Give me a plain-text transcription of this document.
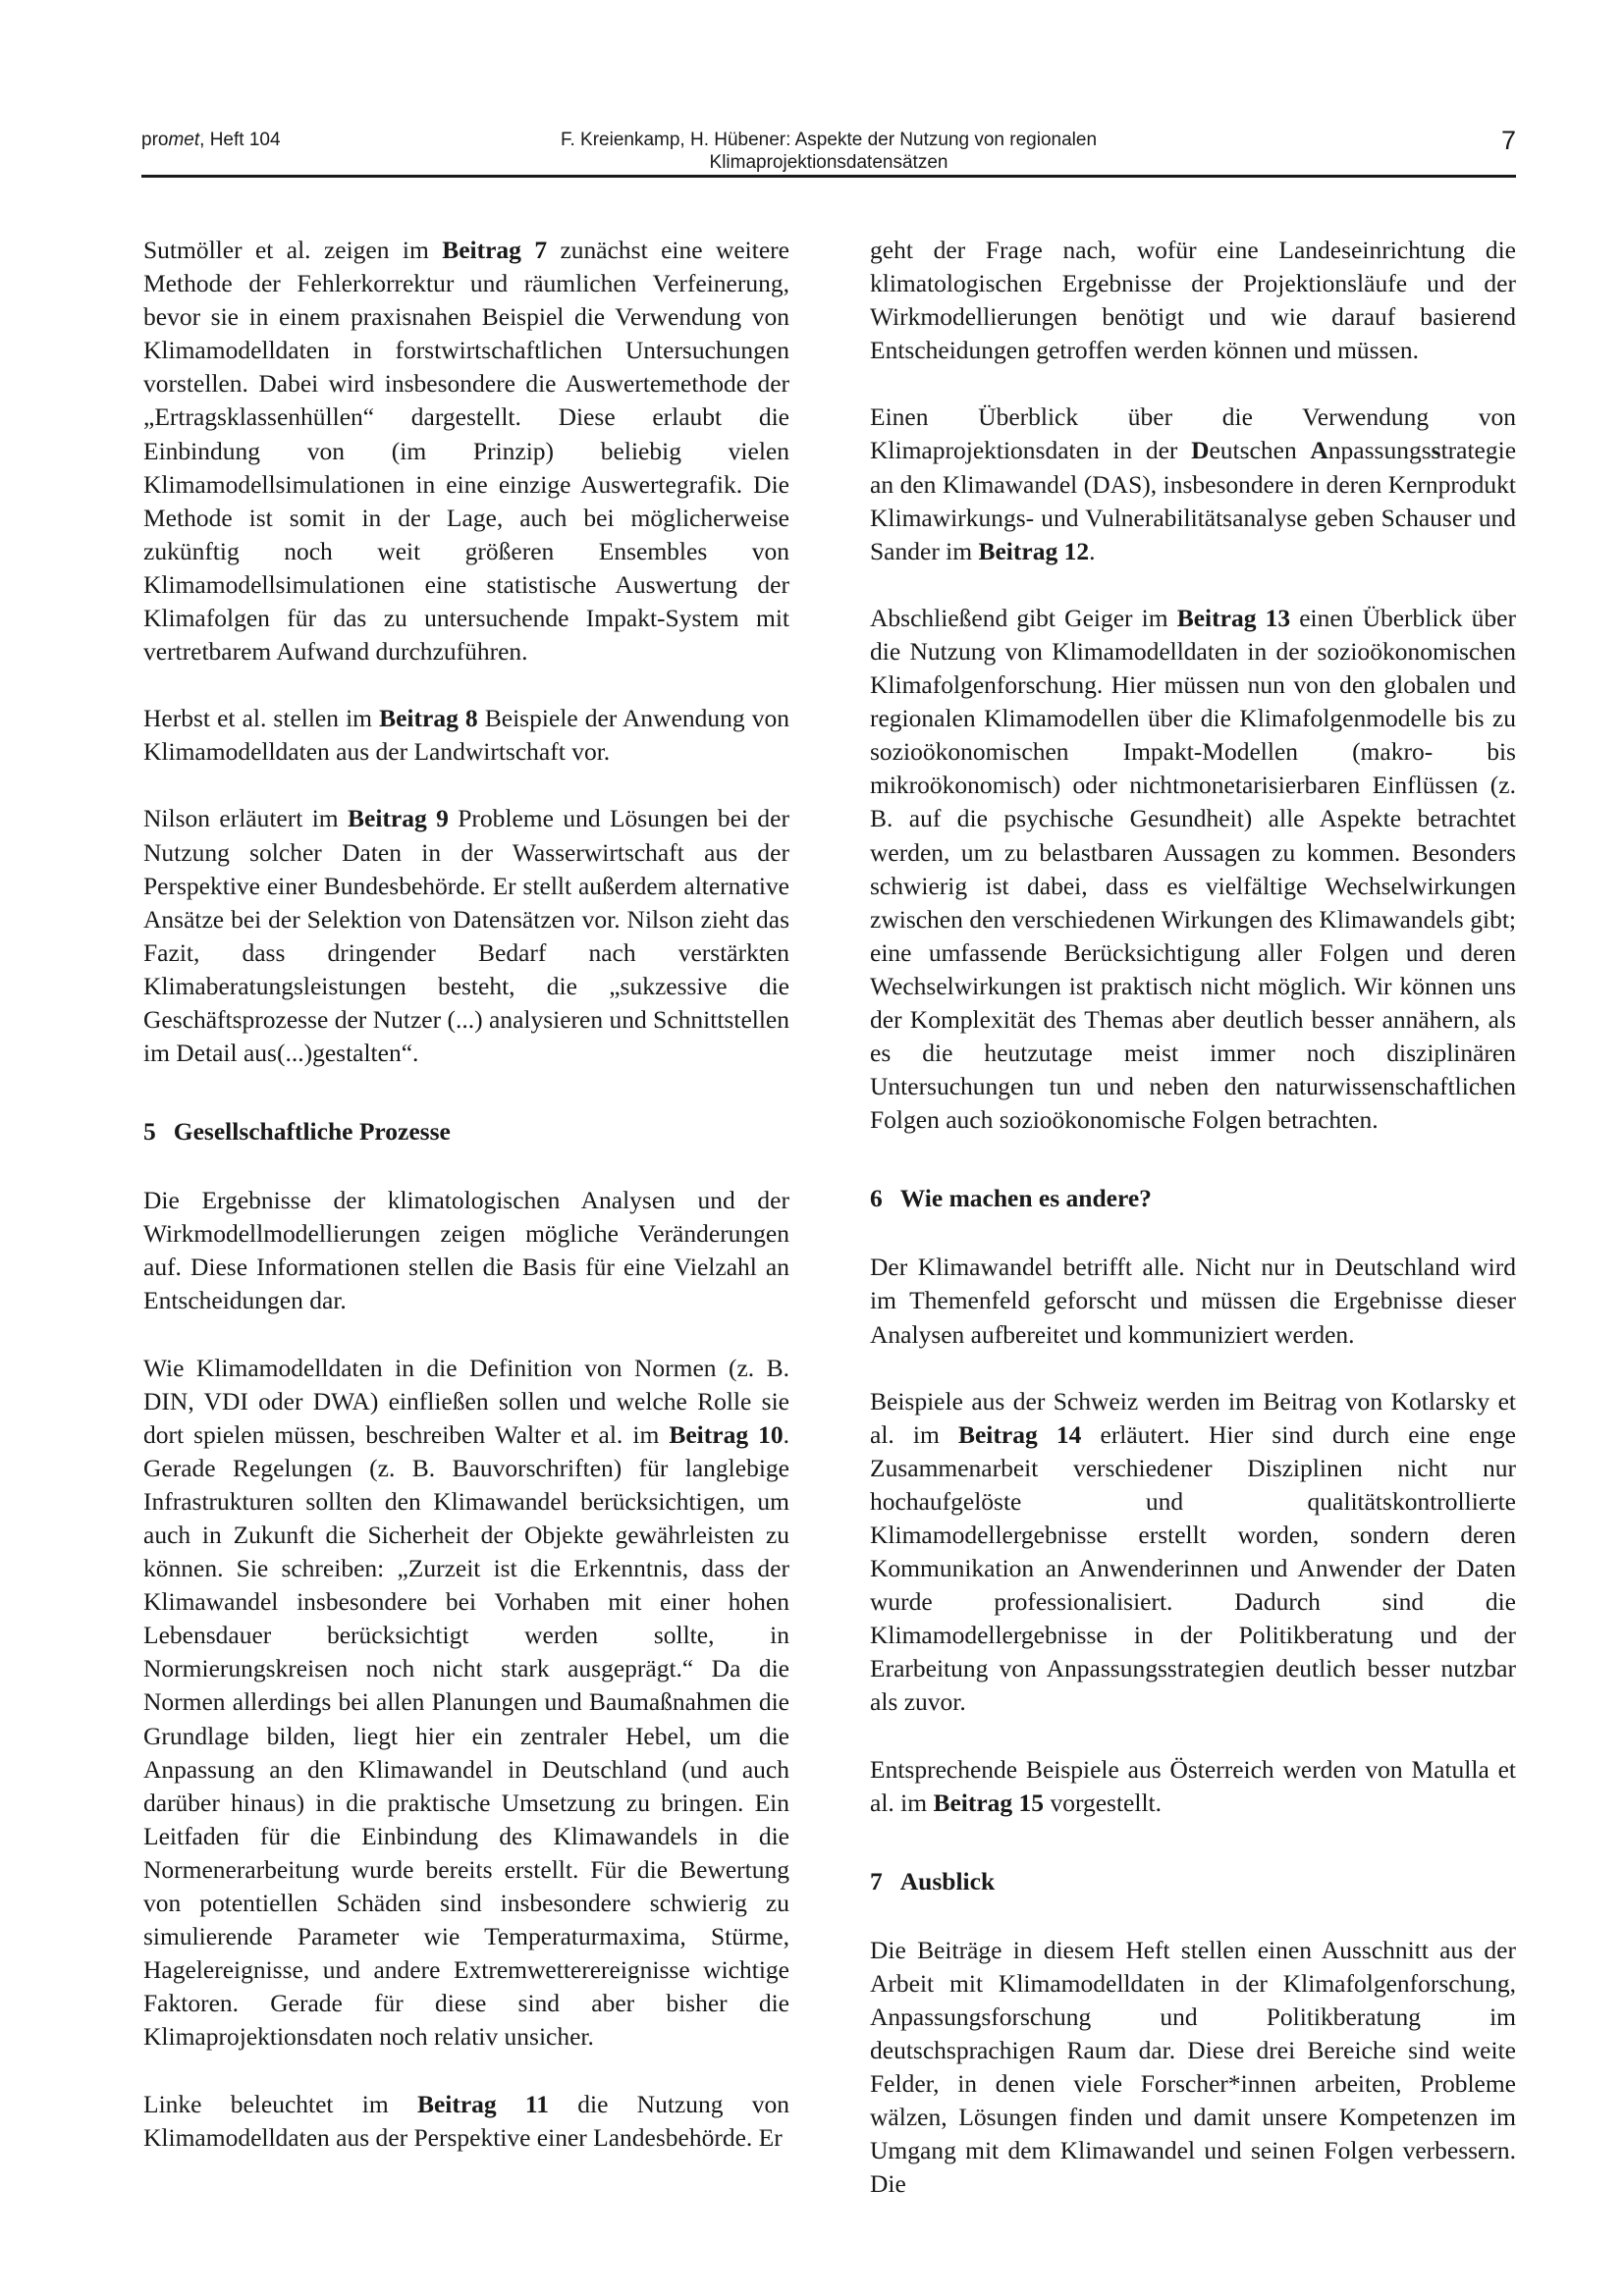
promet, Heft 104	F. Kreienkamp, H. Hübener: Aspekte der Nutzung von regionalen
Klimaprojektionsdatensätzen
7

Sutmöller et al. zeigen im Beitrag 7 zunächst eine weitere Methode der Fehlerkorrektur und räumlichen Verfeinerung, bevor sie in einem praxisnahen Beispiel die Verwendung von Klimamodelldaten in forstwirtschaftlichen Untersuchungen vorstellen. Dabei wird insbesondere die Auswertemethode der „Ertragsklassenhüllen“ dargestellt. Diese erlaubt die Einbindung von (im Prinzip) beliebig vielen Klimamodellsimulationen in eine einzige Auswertegrafik. Die Methode ist somit in der Lage, auch bei möglicherweise zukünftig noch weit größeren Ensembles von Klimamodellsimulationen eine statistische Auswertung der Klimafolgen für das zu untersuchende Impakt-System mit vertretbarem Aufwand durchzuführen.

Herbst et al. stellen im Beitrag 8 Beispiele der Anwendung von Klimamodelldaten aus der Landwirtschaft vor.

Nilson erläutert im Beitrag 9 Probleme und Lösungen bei der Nutzung solcher Daten in der Wasserwirtschaft aus der Perspektive einer Bundesbehörde. Er stellt außerdem alternative Ansätze bei der Selektion von Datensätzen vor. Nilson zieht das Fazit, dass dringender Bedarf nach verstärkten Klimaberatungsleistungen besteht, die „sukzessive die Geschäftsprozesse der Nutzer (...) analysieren und Schnittstellen im Detail aus(...)gestalten“.

5 Gesellschaftliche Prozesse

Die Ergebnisse der klimatologischen Analysen und der Wirkmodellmodellierungen zeigen mögliche Veränderungen auf. Diese Informationen stellen die Basis für eine Vielzahl an Entscheidungen dar.

Wie Klimamodelldaten in die Definition von Normen (z. B. DIN, VDI oder DWA) einfließen sollen und welche Rolle sie dort spielen müssen, beschreiben Walter et al. im Beitrag 10. Gerade Regelungen (z. B. Bauvorschriften) für langlebige Infrastrukturen sollten den Klimawandel berücksichtigen, um auch in Zukunft die Sicherheit der Objekte gewährleisten zu können. Sie schreiben: „Zurzeit ist die Erkenntnis, dass der Klimawandel insbesondere bei Vorhaben mit einer hohen Lebensdauer berücksichtigt werden sollte, in Normierungskreisen noch nicht stark ausgeprägt.“ Da die Normen allerdings bei allen Planungen und Baumaßnahmen die Grundlage bilden, liegt hier ein zentraler Hebel, um die Anpassung an den Klimawandel in Deutschland (und auch darüber hinaus) in die praktische Umsetzung zu bringen. Ein Leitfaden für die Einbindung des Klimawandels in die Normenerarbeitung wurde bereits erstellt. Für die Bewertung von potentiellen Schäden sind insbesondere schwierig zu simulierende Parameter wie Temperaturmaxima, Stürme, Hagelereignisse, und andere Extremwetterereignisse wichtige Faktoren. Gerade für diese sind aber bisher die Klimaprojektionsdaten noch relativ unsicher.

Linke beleuchtet im Beitrag 11 die Nutzung von Klimamodelldaten aus der Perspektive einer Landesbehörde. Er

geht der Frage nach, wofür eine Landeseinrichtung die klimatologischen Ergebnisse der Projektionsläufe und der Wirkmodellierungen benötigt und wie darauf basierend Entscheidungen getroffen werden können und müssen.

Einen Überblick über die Verwendung von Klimaprojektionsdaten in der Deutschen Anpassungsstrategie an den Klimawandel (DAS), insbesondere in deren Kernprodukt Klimawirkungs- und Vulnerabilitätsanalyse geben Schauser und Sander im Beitrag 12.

Abschließend gibt Geiger im Beitrag 13 einen Überblick über die Nutzung von Klimamodelldaten in der sozioökonomischen Klimafolgenforschung. Hier müssen nun von den globalen und regionalen Klimamodellen über die Klimafolgenmodelle bis zu sozioökonomischen Impakt-Modellen (makro- bis mikroökonomisch) oder nichtmonetarisierbaren Einflüssen (z. B. auf die psychische Gesundheit) alle Aspekte betrachtet werden, um zu belastbaren Aussagen zu kommen. Besonders schwierig ist dabei, dass es vielfältige Wechselwirkungen zwischen den verschiedenen Wirkungen des Klimawandels gibt; eine umfassende Berücksichtigung aller Folgen und deren Wechselwirkungen ist praktisch nicht möglich. Wir können uns der Komplexität des Themas aber deutlich besser annähern, als es die heutzutage meist immer noch disziplinären Untersuchungen tun und neben den naturwissenschaftlichen Folgen auch sozioökonomische Folgen betrachten.

6 Wie machen es andere?

Der Klimawandel betrifft alle. Nicht nur in Deutschland wird im Themenfeld geforscht und müssen die Ergebnisse dieser Analysen aufbereitet und kommuniziert werden.

Beispiele aus der Schweiz werden im Beitrag von Kotlarsky et al. im Beitrag 14 erläutert. Hier sind durch eine enge Zusammenarbeit verschiedener Disziplinen nicht nur hochaufgelöste und qualitätskontrollierte Klimamodellergebnisse erstellt worden, sondern deren Kommunikation an Anwenderinnen und Anwender der Daten wurde professionalisiert. Dadurch sind die Klimamodellergebnisse in der Politikberatung und der Erarbeitung von Anpassungsstrategien deutlich besser nutzbar als zuvor.

Entsprechende Beispiele aus Österreich werden von Matulla et al. im Beitrag 15 vorgestellt.

7 Ausblick

Die Beiträge in diesem Heft stellen einen Ausschnitt aus der Arbeit mit Klimamodelldaten in der Klimafolgenforschung, Anpassungsforschung und Politikberatung im deutschsprachigen Raum dar. Diese drei Bereiche sind weite Felder, in denen viele Forscher*innen arbeiten, Probleme wälzen, Lösungen finden und damit unsere Kompetenzen im Umgang mit dem Klimawandel und seinen Folgen verbessern. Die
